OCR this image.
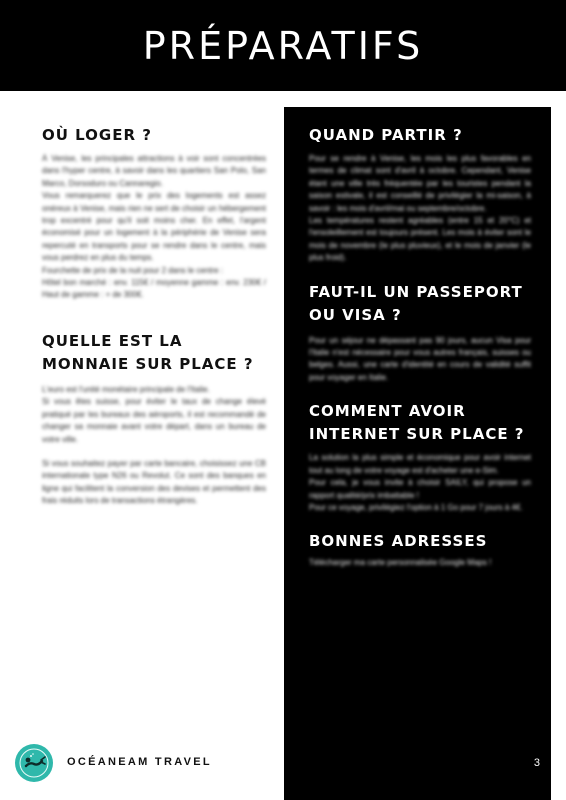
PRÉPARATIFS
OÙ LOGER ?

À Venise, les principales attractions à voir sont concentrées dans l'hyper centre, à savoir dans les quartiers San Polo, San Marco, Dorsoduro ou Cannaregio.

Vous remarquerez que le prix des logements est assez onéreux à Venise, mais rien ne sert de choisir un hébergement trop excentré pour qu'il soit moins cher. En effet, l'argent économisé pour un logement à la périphérie de Venise sera repercuté en transports pour se rendre dans le centre, mais vous perdrez en plus du temps.

Fourchette de prix de la nuit pour 2 dans le centre :

Hôtel bon marché : env. 115€ / moyenne gamme : env. 230€ / Haut de gamme : + de 300€.

QUELLE EST LA MONNAIE SUR PLACE ?

L'euro est l'unité monétaire principale de l'Italie.

Si vous êtes suisse, pour éviter le taux de change élevé pratiqué par les bureaux des aéroports, il est recommandé de changer sa monnaie avant votre départ, dans un bureau de votre ville.

Si vous souhaitez payer par carte bancaire, choisissez une CB internationale type N26 ou Revolut. Ce sont des banques en ligne qui facilitent la conversion des devises et permettent des frais réduits lors de transactions étrangères.

QUAND PARTIR ?

Pour se rendre à Venise, les mois les plus favorables en termes de climat sont d'avril à octobre. Cependant, Venise étant une ville très fréquentée par les touristes pendant la saison estivale, il est conseillé de privilégier la mi-saison, à savoir : les mois d'avril/mai ou septembre/octobre.

Les températures restent agréables (entre 15 et 20°C) et l'ensoleillement est toujours présent. Les mois à éviter sont le mois de novembre (le plus pluvieux), et le mois de janvier (le plus froid).

FAUT-IL UN PASSEPORT OU VISA ?

Pour un séjour ne dépassant pas 90 jours, aucun Visa pour l'Italie n'est nécessaire pour vous autres français, suisses ou belges. Aussi, une carte d'identité en cours de validité suffit pour voyager en Italie.

COMMENT AVOIR INTERNET SUR PLACE ?

La solution la plus simple et économique pour avoir internet tout au long de votre voyage est d'acheter une e-Sim.

Pour cela, je vous invite à choisir SAILY, qui propose un rapport qualité/prix imbattable !

Pour ce voyage, privilégiez l'option à 1 Go pour 7 jours à 4€.

BONNES ADRESSES

Télécharger ma carte personnalisée Google Maps !

OCÉANEAM TRAVEL	3
